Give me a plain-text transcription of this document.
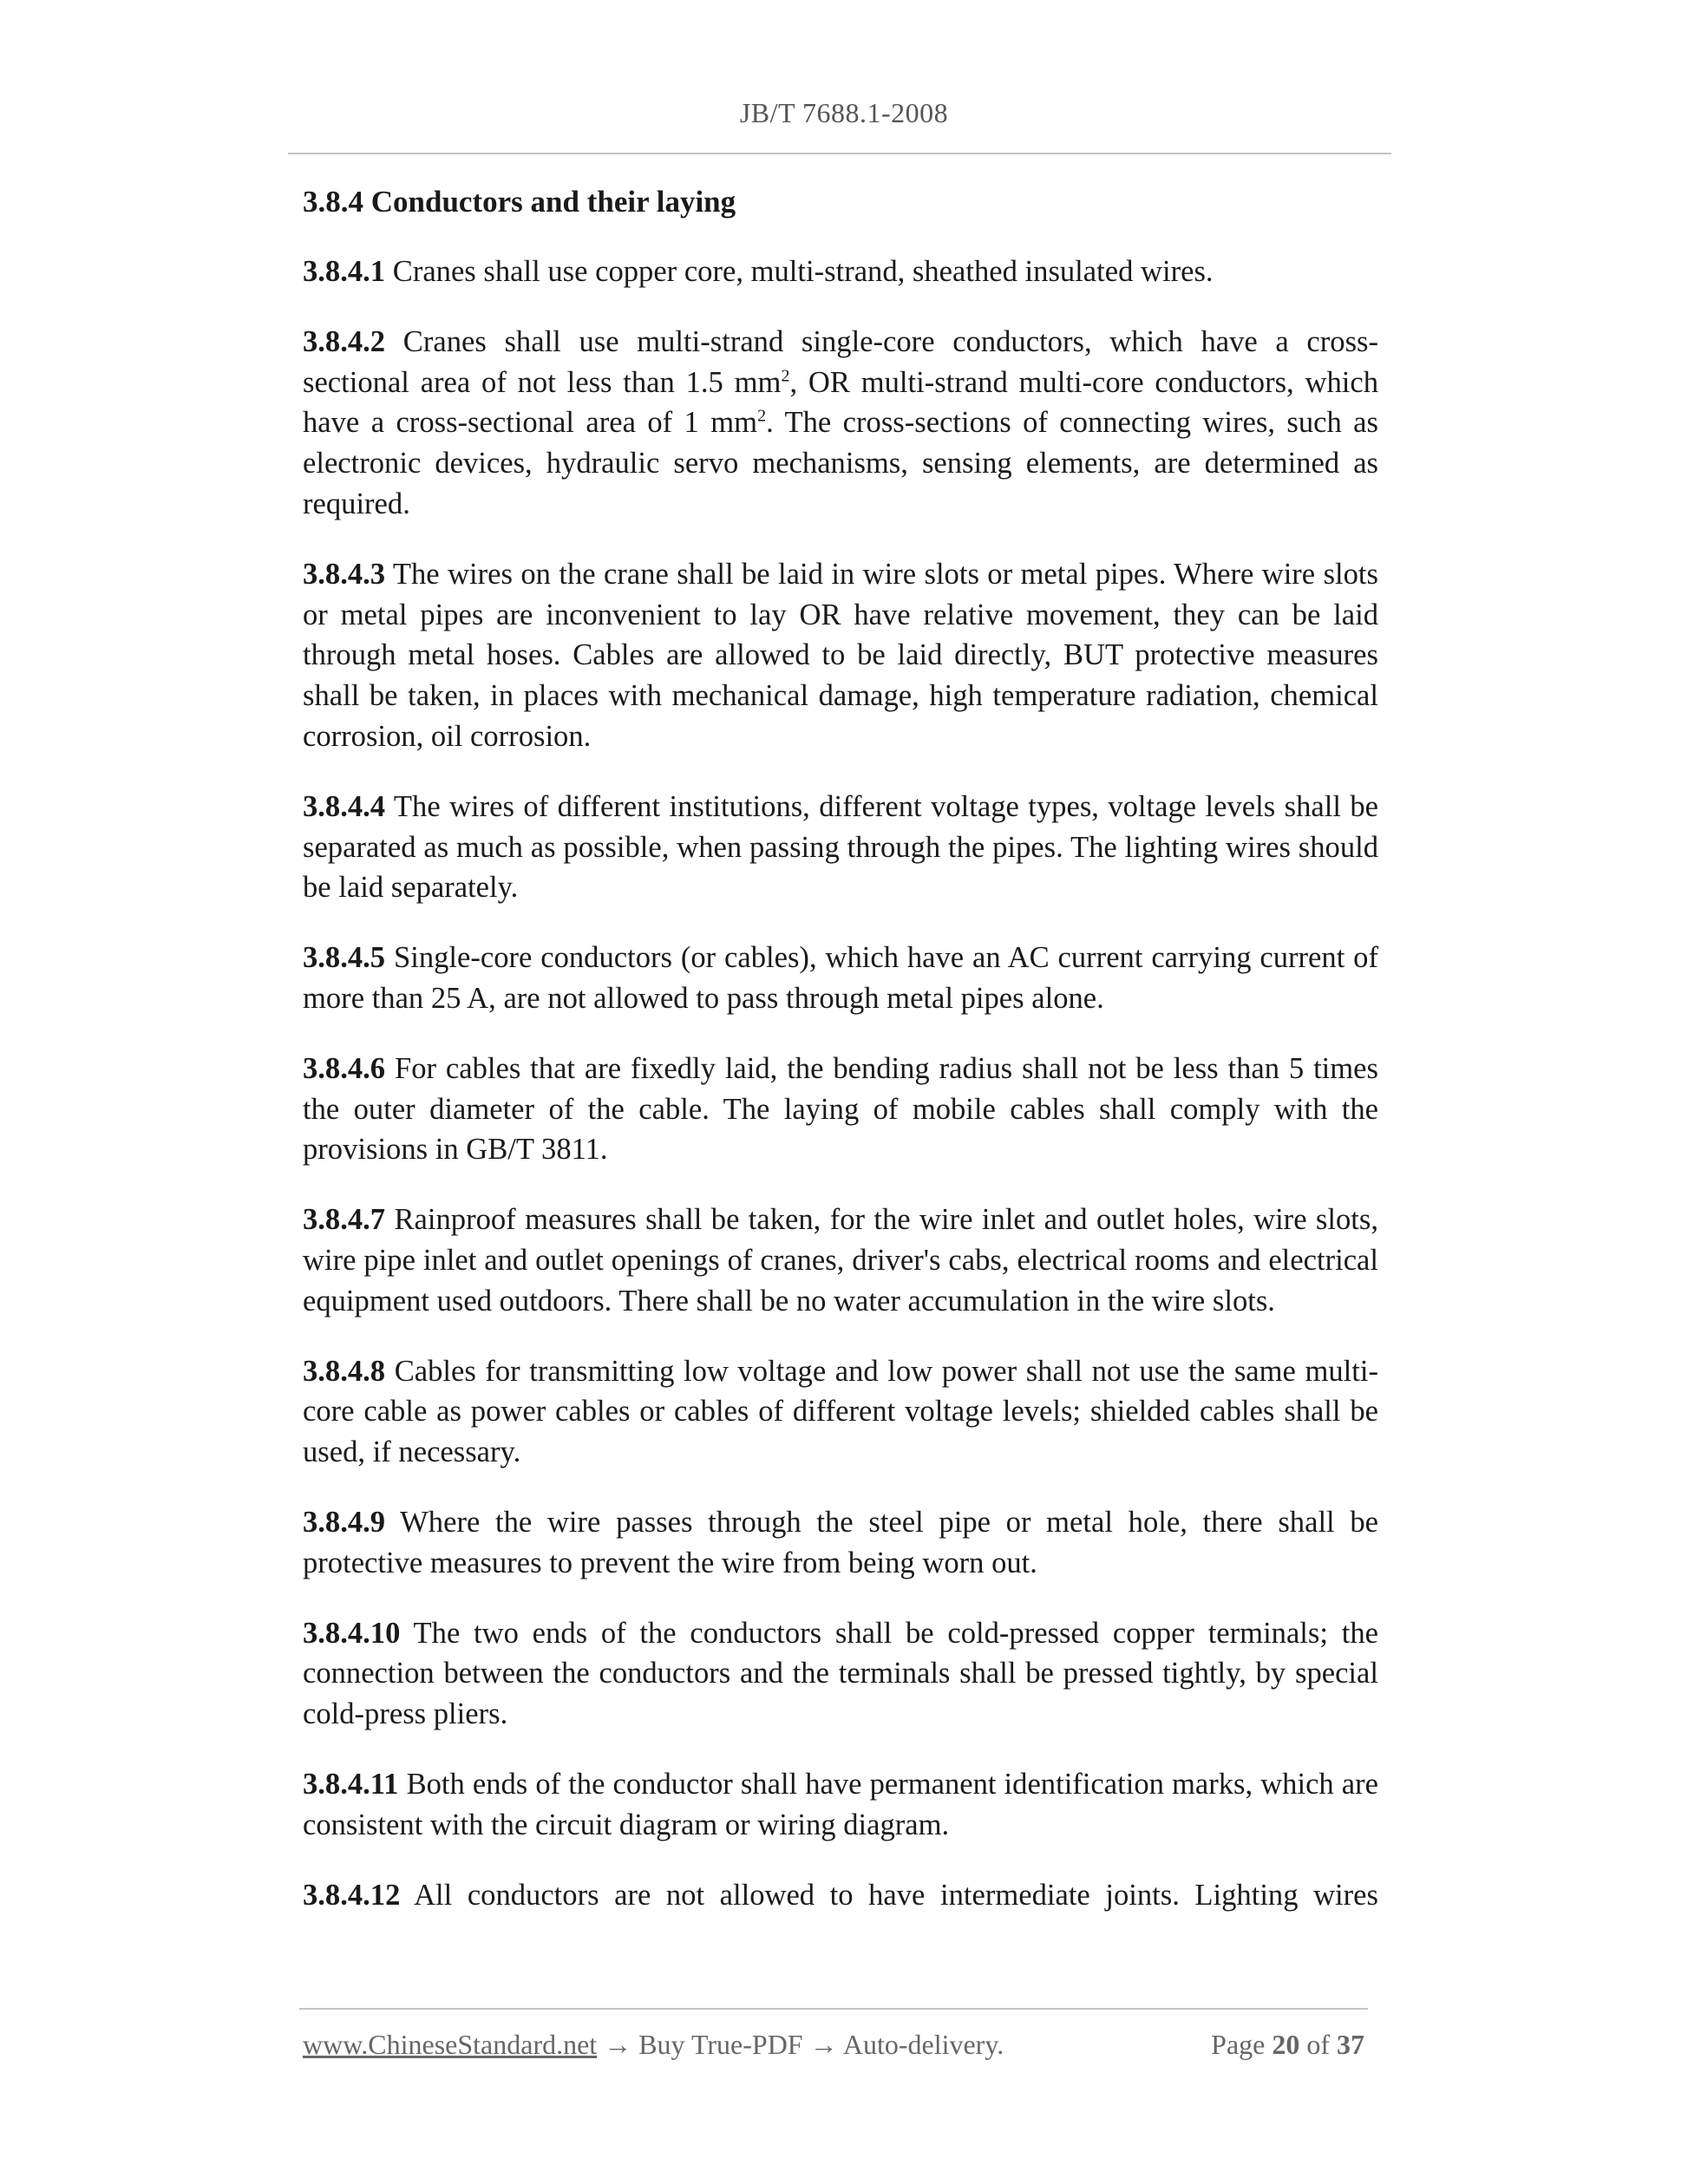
JB/T 7688.1-2008
3.8.4 Conductors and their laying

3.8.4.1 Cranes shall use copper core, multi-strand, sheathed insulated wires.

3.8.4.2 Cranes shall use multi-strand single-core conductors, which have a cross-sectional area of not less than 1.5 $mm^2$, OR multi-strand multi-core conductors, which have a cross-sectional area of 1 $mm^2$. The cross-sections of connecting wires, such as electronic devices, hydraulic servo mechanisms, sensing elements, are determined as required.

3.8.4.3 The wires on the crane shall be laid in wire slots or metal pipes. Where wire slots or metal pipes are inconvenient to lay OR have relative movement, they can be laid through metal hoses. Cables are allowed to be laid directly, BUT protective measures shall be taken, in places with mechanical damage, high temperature radiation, chemical corrosion, oil corrosion.

3.8.4.4 The wires of different institutions, different voltage types, voltage levels shall be separated as much as possible, when passing through the pipes. The lighting wires should be laid separately.

3.8.4.5 Single-core conductors (or cables), which have an AC current carrying current of more than 25 A, are not allowed to pass through metal pipes alone.

3.8.4.6 For cables that are fixedly laid, the bending radius shall not be less than 5 times the outer diameter of the cable. The laying of mobile cables shall comply with the provisions in GB/T 3811.

3.8.4.7 Rainproof measures shall be taken, for the wire inlet and outlet holes, wire slots, wire pipe inlet and outlet openings of cranes, driver's cabs, electrical rooms and electrical equipment used outdoors. There shall be no water accumulation in the wire slots.

3.8.4.8 Cables for transmitting low voltage and low power shall not use the same multi-core cable as power cables or cables of different voltage levels; shielded cables shall be used, if necessary.

3.8.4.9 Where the wire passes through the steel pipe or metal hole, there shall be protective measures to prevent the wire from being worn out.

3.8.4.10 The two ends of the conductors shall be cold-pressed copper terminals; the connection between the conductors and the terminals shall be pressed tightly, by special cold-press pliers.

3.8.4.11 Both ends of the conductor shall have permanent identification marks, which are consistent with the circuit diagram or wiring diagram.

3.8.4.12 All conductors are not allowed to have intermediate joints. Lighting wires

www.ChineseStandard.net → Buy True-PDF → Auto-delivery.	Page 20 of 37
